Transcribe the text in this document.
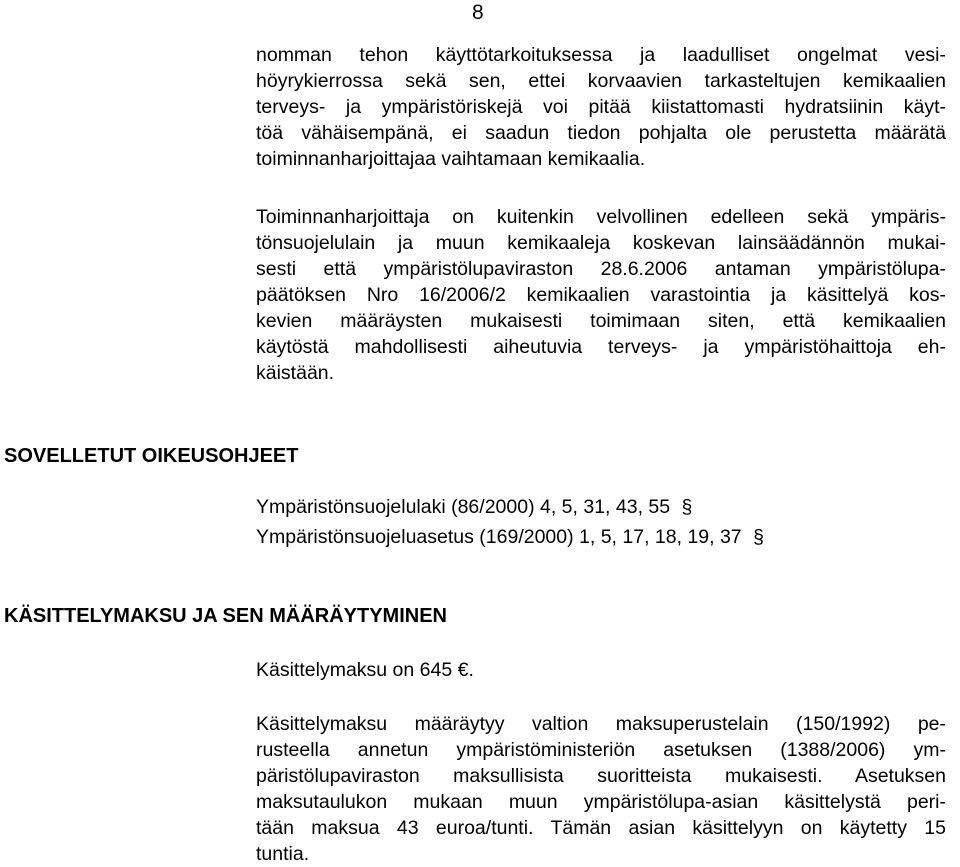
8
nomman tehon käyttötarkoituksessa ja laadulliset ongelmat vesi-
höyrykierrossa sekä sen, ettei korvaavien tarkasteltujen kemikaalien
terveys- ja ympäristöriskejä voi pitää kiistattomasti hydratsiinin käyt-
töä vähäisempänä, ei saadun tiedon pohjalta ole perustetta määrätä
toiminnanharjoittajaa vaihtamaan kemikaalia.
Toiminnanharjoittaja on kuitenkin velvollinen edelleen sekä ympäris-
tönsuojelulain ja muun kemikaaleja koskevan lainsäädännön mukai-
sesti että ympäristölupaviraston 28.6.2006 antaman ympäristölupa-
päätöksen Nro 16/2006/2 kemikaalien varastointia ja käsittelyä kos-
kevien määräysten mukaisesti toimimaan siten, että kemikaalien
käytöstä mahdollisesti aiheutuvia terveys- ja ympäristöhaittoja eh-
käistään.
SOVELLETUT OIKEUSOHJEET
Ympäristönsuojelulaki (86/2000) 4, 5, 31, 43, 55 §
Ympäristönsuojeluasetus (169/2000) 1, 5, 17, 18, 19, 37 §
KÄSITTELYMAKSU JA SEN MÄÄRÄYTYMINEN
Käsittelymaksu on 645 €.
Käsittelymaksu määräytyy valtion maksuperustelain (150/1992) pe-
rusteella annetun ympäristöministeriön asetuksen (1388/2006) ym-
päristölupaviraston maksullisista suoritteista mukaisesti. Asetuksen
maksutaulukon mukaan muun ympäristölupa-asian käsittelystä peri-
tään maksua 43 euroa/tunti. Tämän asian käsittelyyn on käytetty 15
tuntia.
